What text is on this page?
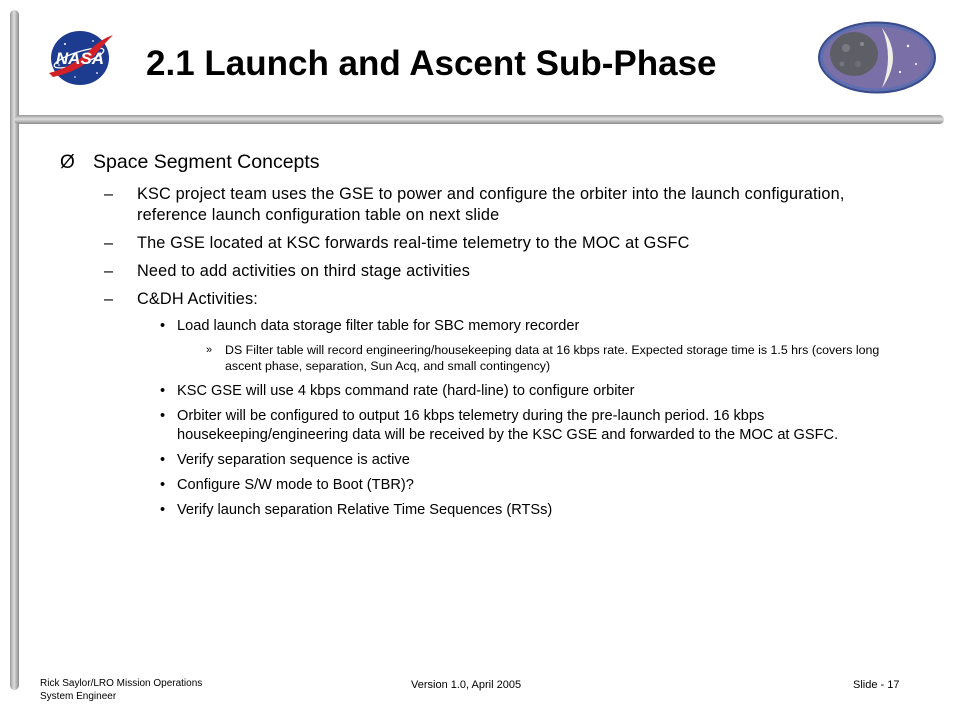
NASA 2.1 Launch and Ascent Sub-Phase
Ø Space Segment Concepts
– KSC project team uses the GSE to power and configure the orbiter into the launch configuration, reference launch configuration table on next slide
– The GSE located at KSC forwards real-time telemetry to the MOC at GSFC
– Need to add activities on third stage activities
– C&DH Activities:
• Load launch data storage filter table for SBC memory recorder
» DS Filter table will record engineering/housekeeping data at 16 kbps rate. Expected storage time is 1.5 hrs (covers long ascent phase, separation, Sun Acq, and small contingency)
• KSC GSE will use 4 kbps command rate (hard-line) to configure orbiter
• Orbiter will be configured to output 16 kbps telemetry during the pre-launch period. 16 kbps housekeeping/engineering data will be received by the KSC GSE and forwarded to the MOC at GSFC.
• Verify separation sequence is active
• Configure S/W mode to Boot (TBR)?
• Verify launch separation Relative Time Sequences (RTSs)
Rick Saylor/LRO Mission Operations
System Engineer
Version 1.0, April 2005	Slide - 17
